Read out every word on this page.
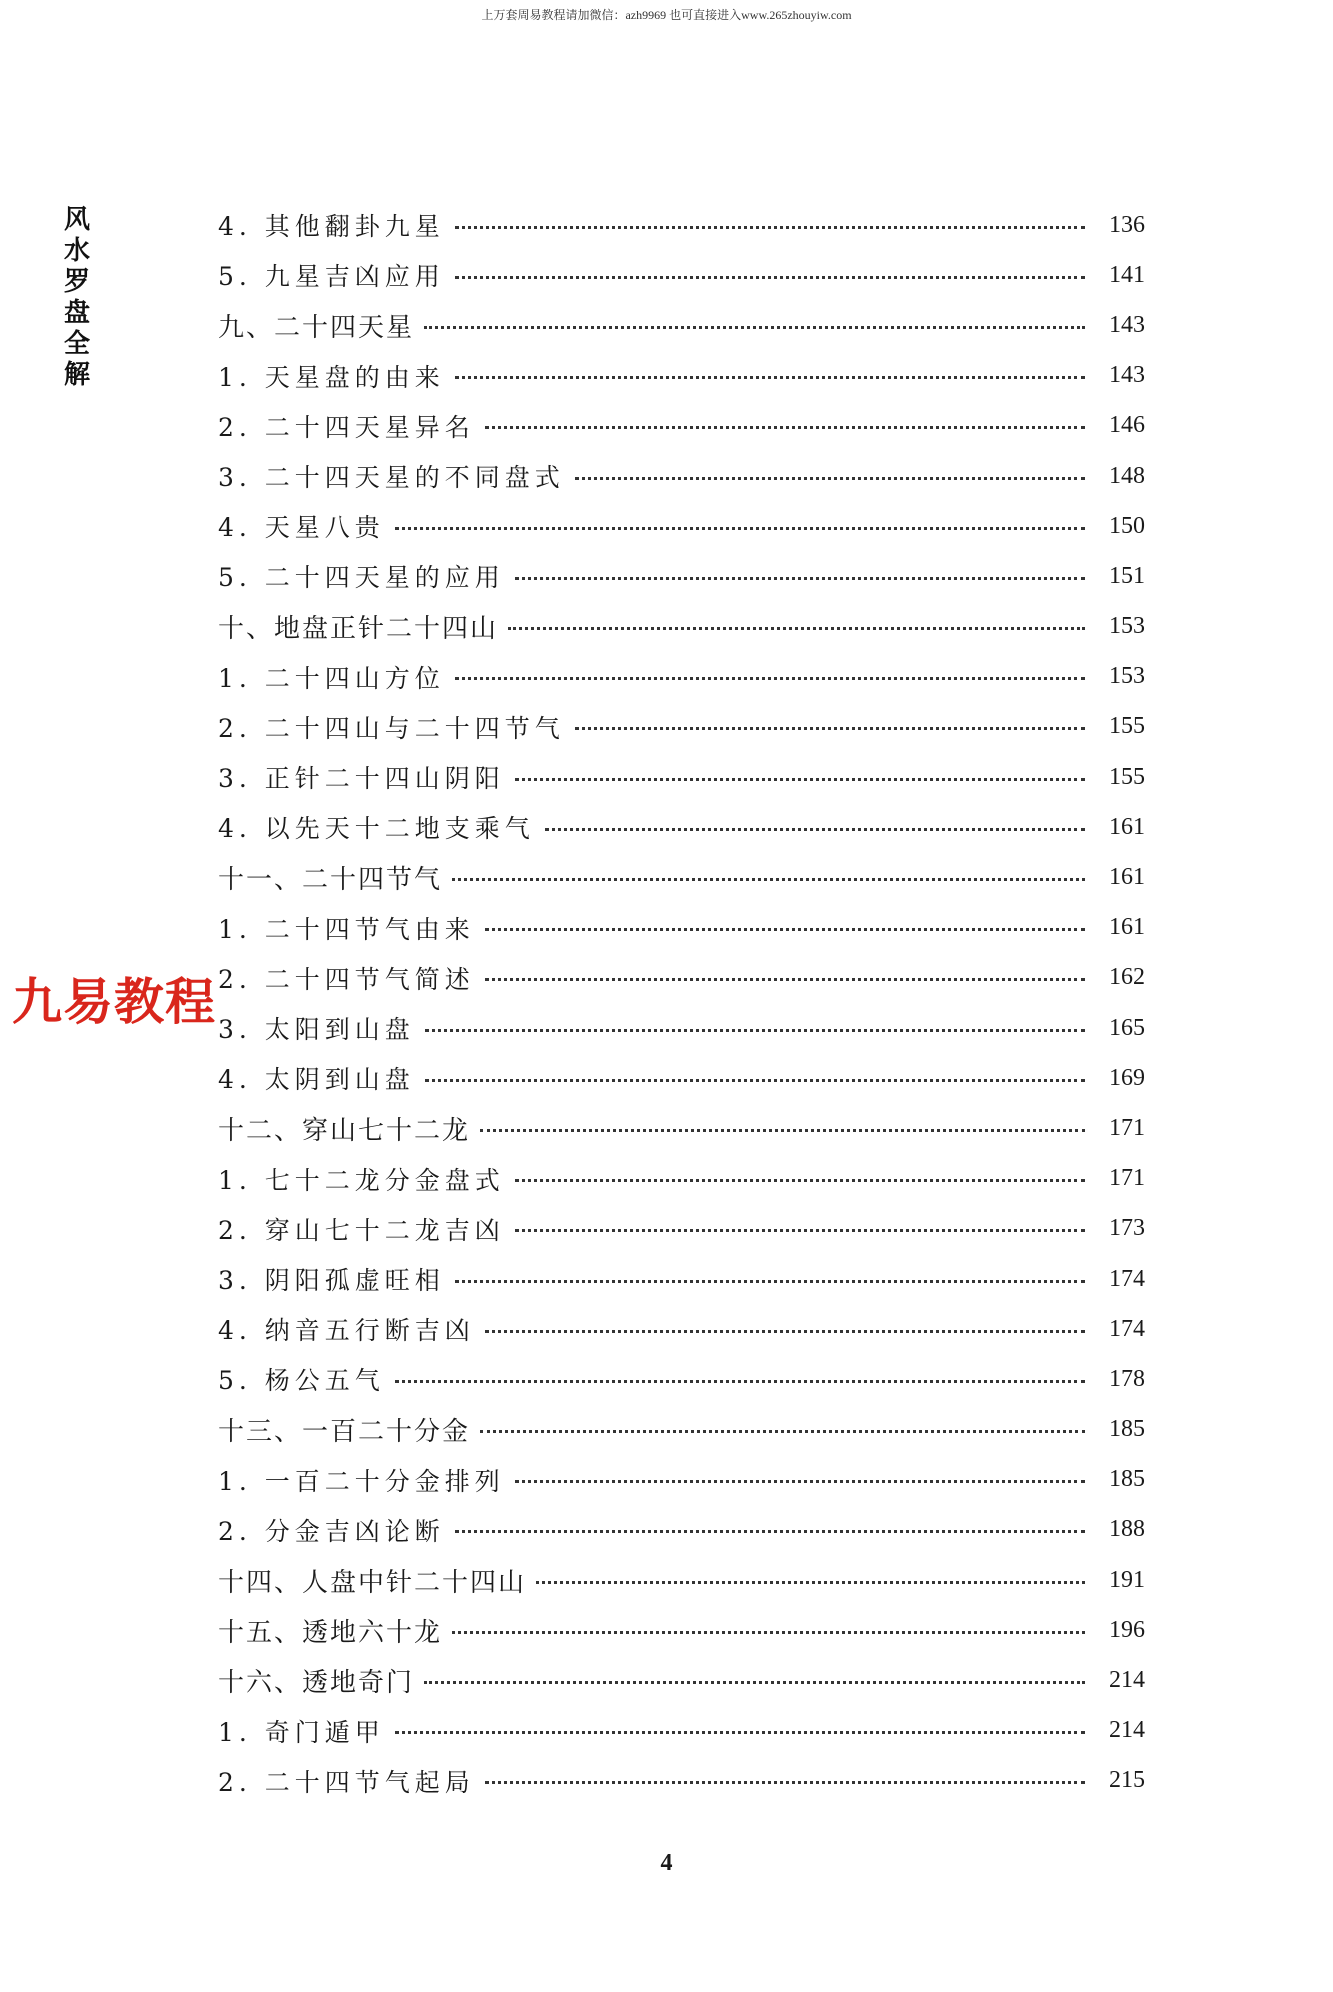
上万套周易教程请加微信：azh9969 也可直接进入www.265zhouyiw.com
风
水
罗
盘
全
解
4. 其他翻卦九星	136
5. 九星吉凶应用	141
九、二十四天星	143
1. 天星盘的由来	143
2. 二十四天星异名	146
3. 二十四天星的不同盘式	148
4. 天星八贵	150
5. 二十四天星的应用	151
十、地盘正针二十四山	153
1. 二十四山方位	153
2. 二十四山与二十四节气	155
3. 正针二十四山阴阳	155
4. 以先天十二地支乘气	161
十一、二十四节气	161
1. 二十四节气由来	161
2. 二十四节气简述	162
3. 太阳到山盘	165
4. 太阴到山盘	169
十二、穿山七十二龙	171
1. 七十二龙分金盘式	171
2. 穿山七十二龙吉凶	173
3. 阴阳孤虚旺相	174
4. 纳音五行断吉凶	174
5. 杨公五气	178
十三、一百二十分金	185
1. 一百二十分金排列	185
2. 分金吉凶论断	188
十四、人盘中针二十四山	191
十五、透地六十龙	196
十六、透地奇门	214
1. 奇门遁甲	214
2. 二十四节气起局	215
九易教程
4
